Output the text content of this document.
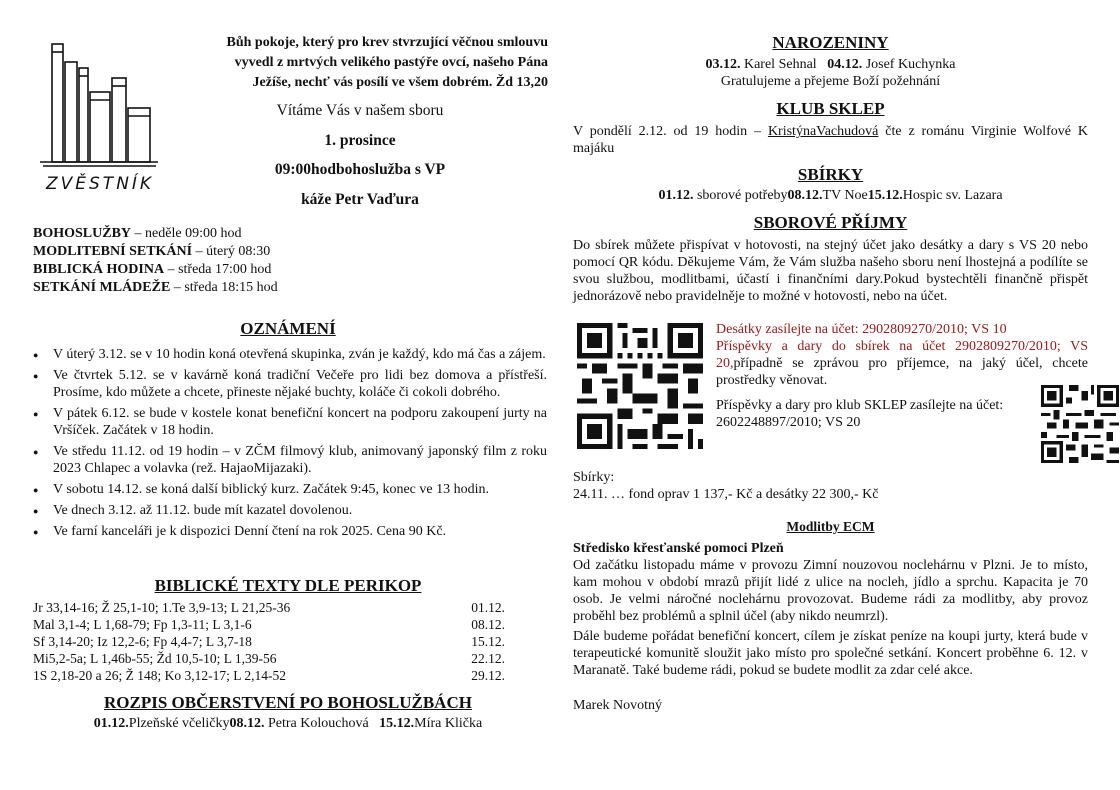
ZVĚSTNÍK
Bůh pokoje, který pro krev stvrzující věčnou smlouvu
vyvedl z mrtvých velikého pastýře ovcí, našeho Pána
Ježíše, nechť vás posílí ve všem dobrém. Žd 13,20
Vítáme Vás v našem sboru
1. prosince
09:00hodbohoslužba s VP
káže Petr Vaďura
BOHOSLUŽBY – neděle 09:00 hod
MODLITEBNÍ SETKÁNÍ – úterý 08:30
BIBLICKÁ HODINA – středa 17:00 hod
SETKÁNÍ MLÁDEŽE – středa 18:15 hod
OZNÁMENÍ
● V úterý 3.12. se v 10 hodin koná otevřená skupinka, zván je každý, kdo má čas a zájem.
● Ve čtvrtek 5.12. se v kavárně koná tradiční Večeře pro lidi bez domova a přístřeší. Prosíme, kdo můžete a chcete, přineste nějaké buchty, koláče či cokoli dobrého.
● V pátek 6.12. se bude v kostele konat benefiční koncert na podporu zakoupení jurty na Vršíček. Začátek v 18 hodin.
● Ve středu 11.12. od 19 hodin – v ZČM filmový klub, animovaný japonský film z roku 2023 Chlapec a volavka (rež. HajaoMijazaki).
● V sobotu 14.12. se koná další biblický kurz. Začátek 9:45, konec ve 13 hodin.
● Ve dnech 3.12. až 11.12. bude mít kazatel dovolenou.
● Ve farní kanceláři je k dispozici Denní čtení na rok 2025. Cena 90 Kč.
BIBLICKÉ TEXTY DLE PERIKOP
Jr 33,14-16; Ž 25,1-10; 1.Te 3,9-13; L 21,25-36	01.12.
Mal 3,1-4; L 1,68-79; Fp 1,3-11; L 3,1-6	08.12.
Sf 3,14-20; Iz 12,2-6; Fp 4,4-7; L 3,7-18	15.12.
Mi5,2-5a; L 1,46b-55; Žd 10,5-10; L 1,39-56	22.12.
1S 2,18-20 a 26; Ž 148; Ko 3,12-17; L 2,14-52	29.12.
ROZPIS OBČERSTVENÍ PO BOHOSLUŽBÁCH
01.12.Plzeňské včeličky08.12. Petra Kolouchová 15.12.Míra Klička
NAROZENINY
03.12. Karel Sehnal 04.12. Josef Kuchynka
Gratulujeme a přejeme Boží požehnání
KLUB SKLEP
V pondělí 2.12. od 19 hodin – KristýnaVachudová čte z románu Virginie Wolfové K majáku
SBÍRKY
01.12. sborové potřeby08.12.TV Noe15.12.Hospic sv. Lazara
SBOROVÉ PŘÍJMY
Do sbírek můžete přispívat v hotovosti, na stejný účet jako desátky a dary s VS 20 nebo pomocí QR kódu. Děkujeme Vám, že Vám služba našeho sboru není lhostejná a podílíte se svou službou, modlitbami, účastí i finančními dary.Pokud bystechtěli finančně přispět jednorázově nebo pravidelněje to možné v hotovosti, nebo na účet.
Desátky zasílejte na účet: 2902809270/2010; VS 10
Příspěvky a dary do sbírek na účet 2902809270/2010; VS 20,případně se zprávou pro příjemce, na jaký účel, chcete prostředky věnovat.
Příspěvky a dary pro klub SKLEP zasílejte na účet: 2602248897/2010; VS 20
Sbírky:
24.11. … fond oprav 1 137,- Kč a desátky 22 300,- Kč
Modlitby ECM
Středisko křesťanské pomoci Plzeň
Od začátku listopadu máme v provozu Zimní nouzovou noclehárnu v Plzni. Je to místo, kam mohou v období mrazů přijít lidé z ulice na nocleh, jídlo a sprchu. Kapacita je 70 osob. Je velmi náročné noclehárnu provozovat. Budeme rádi za modlitby, aby provoz proběhl bez problémů a splnil účel (aby nikdo neumrzl).
Dále budeme pořádat benefiční koncert, cílem je získat peníze na koupi jurty, která bude v terapeutické komunitě sloužit jako místo pro společné setkání. Koncert proběhne 6. 12. v Maranatě. Také budeme rádi, pokud se budete modlit za zdar celé akce.
Marek Novotný
